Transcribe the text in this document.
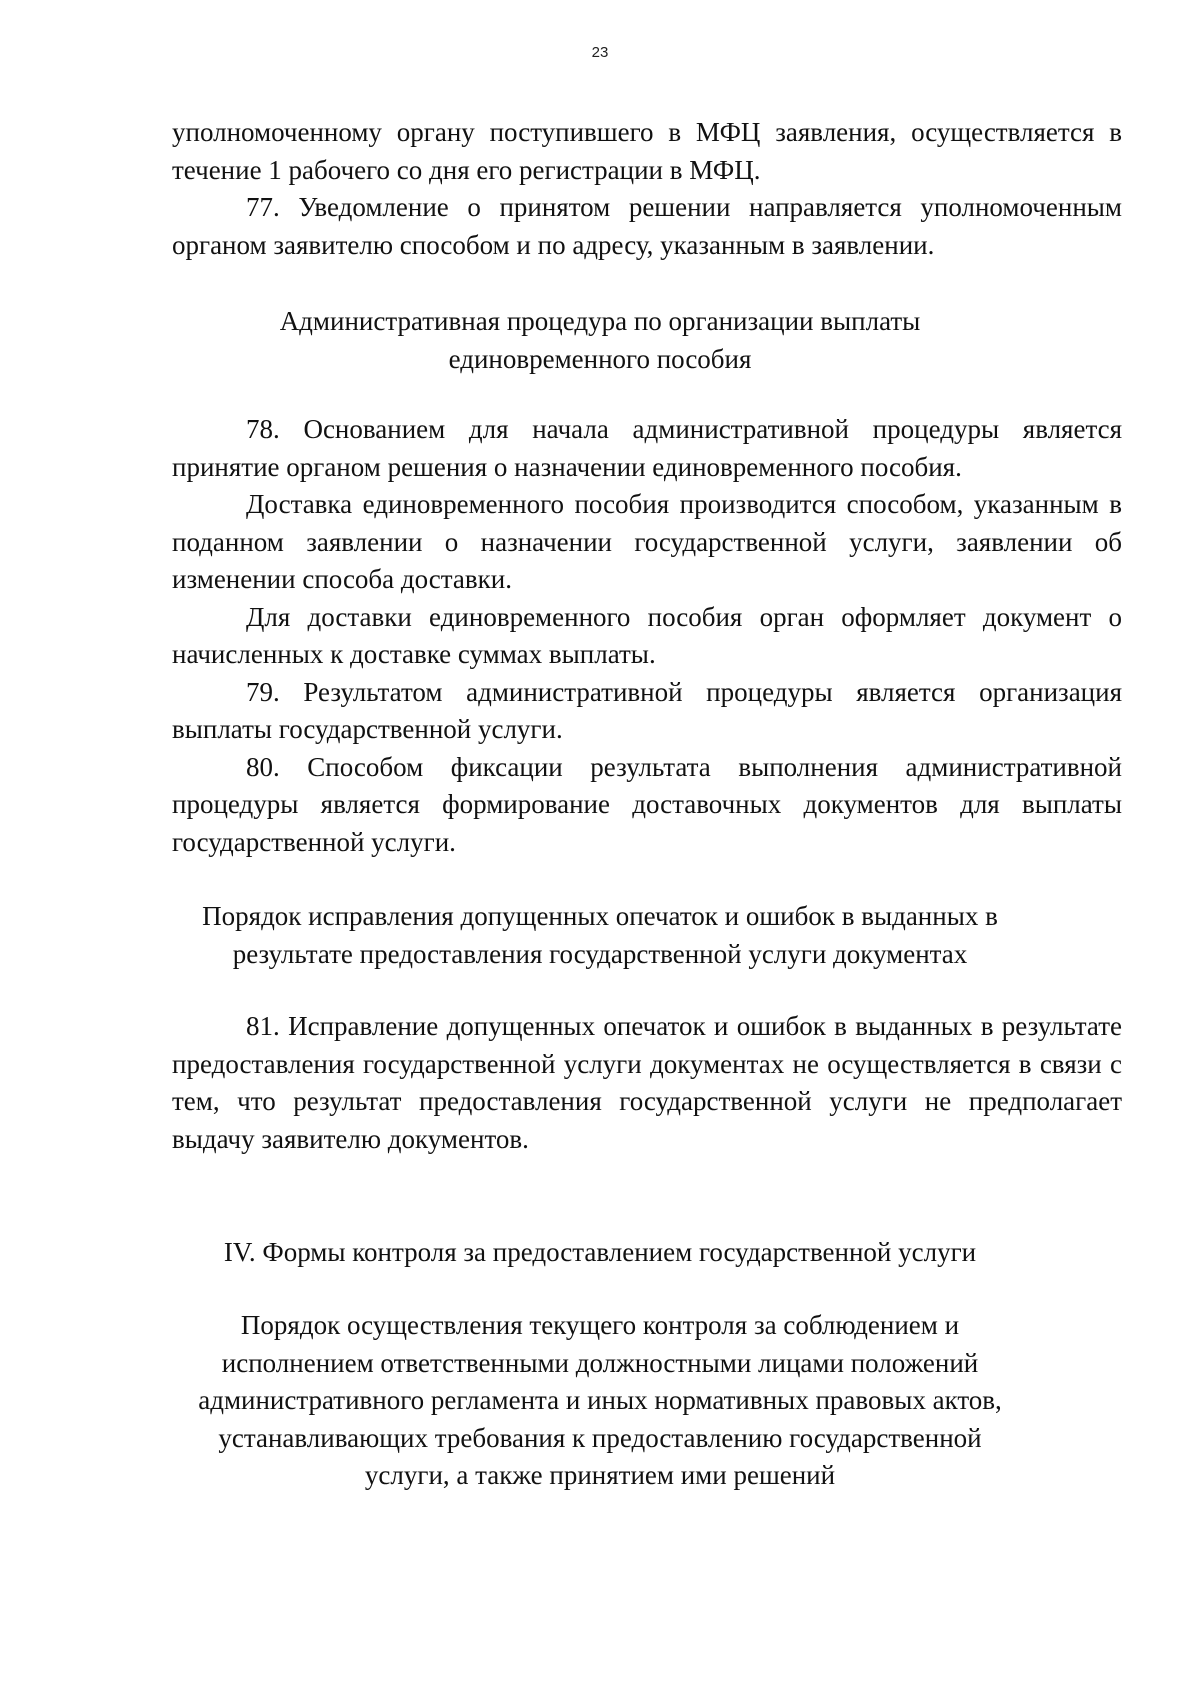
23

уполномоченному органу поступившего в МФЦ заявления, осуществляется в течение 1 рабочего со дня его регистрации в МФЦ.

77. Уведомление о принятом решении направляется уполномоченным органом заявителю способом и по адресу, указанным в заявлении.

Административная процедура по организации выплаты
единовременного пособия

78. Основанием для начала административной процедуры является принятие органом решения о назначении единовременного пособия.

Доставка единовременного пособия производится способом, указанным в поданном заявлении о назначении государственной услуги, заявлении об изменении способа доставки.

Для доставки единовременного пособия орган оформляет документ о начисленных к доставке суммах выплаты.

79. Результатом административной процедуры является организация выплаты государственной услуги.

80. Способом фиксации результата выполнения административной процедуры является формирование доставочных документов для выплаты государственной услуги.

Порядок исправления допущенных опечаток и ошибок в выданных в
результате предоставления государственной услуги документах

81. Исправление допущенных опечаток и ошибок в выданных в результате предоставления государственной услуги документах не осуществляется в связи с тем, что результат предоставления государственной услуги не предполагает выдачу заявителю документов.

IV. Формы контроля за предоставлением государственной услуги
Порядок осуществления текущего контроля за соблюдением и
исполнением ответственными должностными лицами положений
административного регламента и иных нормативных правовых актов,
устанавливающих требования к предоставлению государственной
услуги, а также принятием ими решений
